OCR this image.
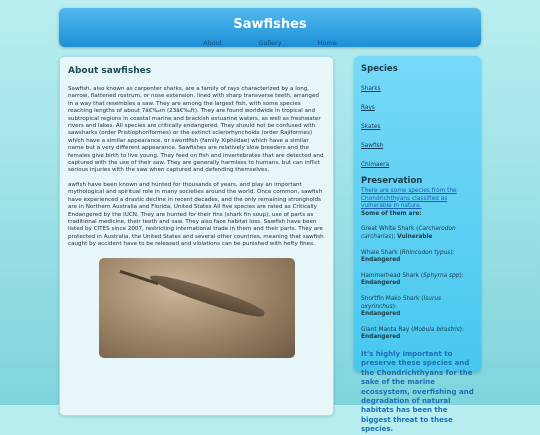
Sawfishes
About	Gallery	Home
About sawfishes

Sawfish, also known as carpenter sharks, are a family of rays characterized by a long, narrow, flattened rostrum, or nose extension, lined with sharp transverse teeth, arranged in a way that resembles a saw. They are among the largest fish, with some species reaching lengths of about 7â€‰m (23â€‰ft). They are found worldwide in tropical and subtropical regions in coastal marine and brackish estuarine waters, as well as freshwater rivers and lakes. All species are critically endangered. They should not be confused with sawsharks (order Pristiophoriformes) or the extinct sclerorhynchoids (order Rajiformes) which have a similar appearance, or swordfish (family Xiphiidae) which have a similar name but a very different appearance. Sawfishes are relatively slow breeders and the females give birth to live young. They feed on fish and invertebrates that are detected and captured with the use of their saw. They are generally harmless to humans, but can inflict serious injuries with the saw when captured and defending themselves.

awfish have been known and hunted for thousands of years, and play an important mythological and spiritual role in many societies around the world. Once common, sawfish have experienced a drastic decline in recent decades, and the only remaining strongholds are in Northern Australia and Florida, United States All five species are rated as Critically Endangered by the IUCN. They are hunted for their fins (shark fin soup), use of parts as traditional medicine, their teeth and saw. They also face habitat loss. Sawfish have been listed by CITES since 2007, restricting international trade in them and their parts. They are protected in Australia, the United States and several other countries, meaning that sawfish caught by accident have to be released and violations can be punished with hefty fines.

Species
Sharks
Rays
Skates
Sawfish
Chimaera
Preservation
There are some species from the Chondrichthyans classified as vulnerable in nature.
Some of them are:
Great White Shark (Carcharodon carcharias): Vulnerable
Whale Shark (Rhincodon typus):
Endangered
Hammerhead Shark (Sphyrna spp):
Endangered
Shortfin Mako Shark (Isurus oxyrinchus):
Endangered
Giant Manta Ray (Mobula birostris):
Endangered
It's highly important to preserve these species and the Chondrichthyans for the sake of the marine ecossystem, overfishing and degradation of natural habitats has been the biggest threat to these species.
